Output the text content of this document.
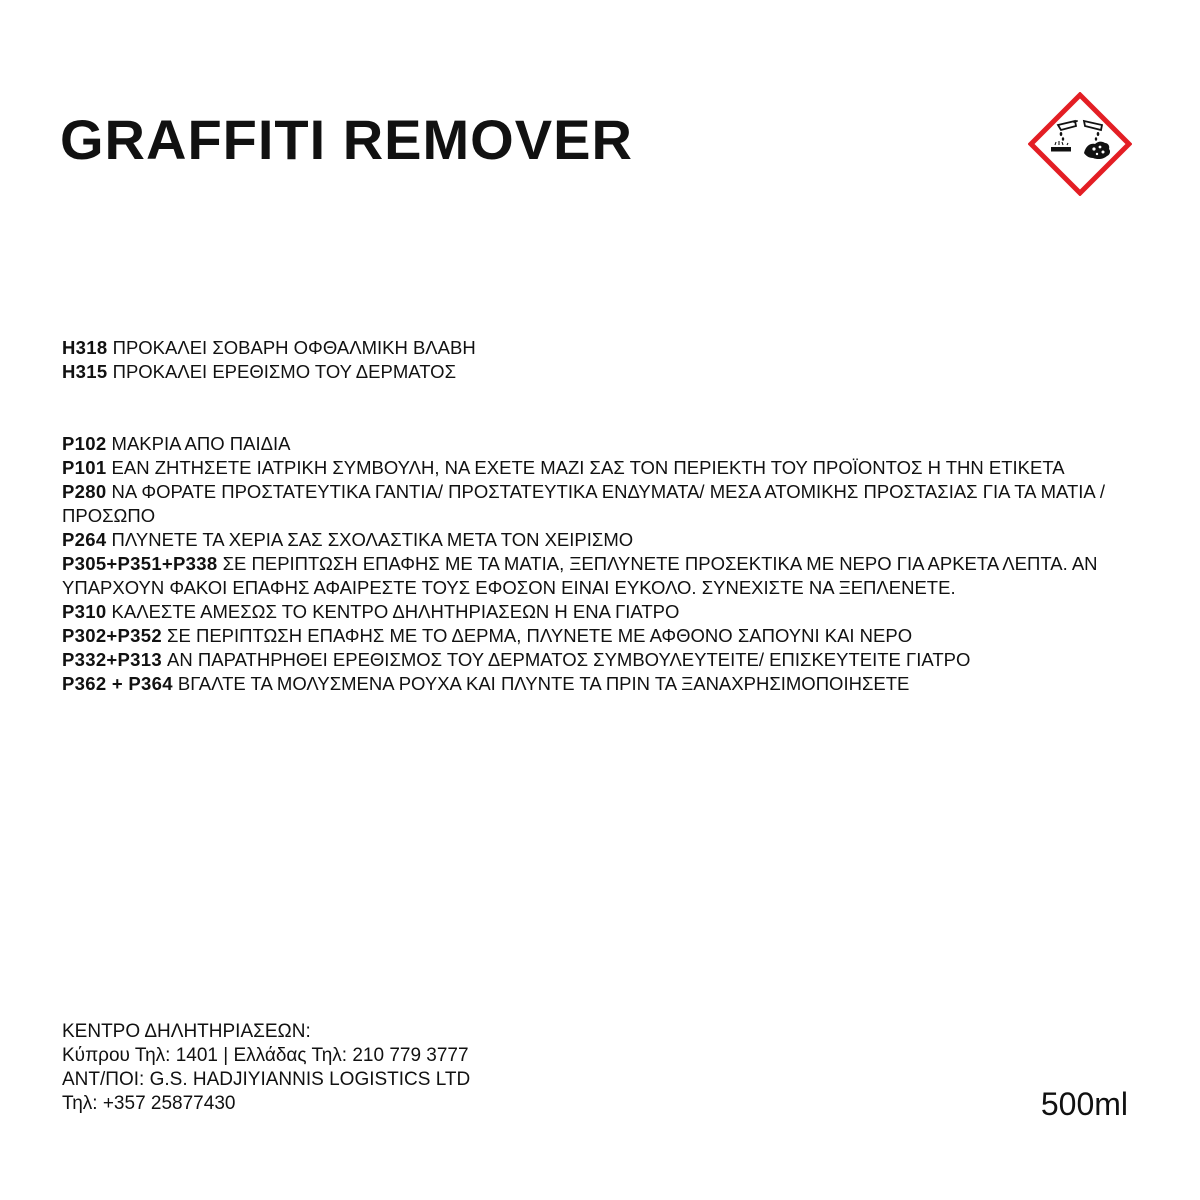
GRAFFITI REMOVER

H318 ΠΡΟΚΑΛΕΙ ΣΟΒΑΡΗ ΟΦΘΑΛΜΙΚΗ ΒΛΑΒΗ

H315 ΠΡΟΚΑΛΕΙ ΕΡΕΘΙΣΜΟ ΤΟΥ ΔΕΡΜΑΤΟΣ

P102 ΜΑΚΡΙΑ ΑΠΟ ΠΑΙΔΙΑ

P101 ΕΑΝ ΖΗΤΗΣΕΤΕ ΙΑΤΡΙΚΗ ΣΥΜΒΟΥΛΗ, ΝΑ ΕΧΕΤΕ ΜΑΖΙ ΣΑΣ ΤΟΝ ΠΕΡΙΕΚΤΗ ΤΟΥ ΠΡΟΪΟΝΤΟΣ Η ΤΗΝ ΕΤΙΚΕΤΑ

P280 ΝΑ ΦΟΡΑΤΕ ΠΡΟΣΤΑΤΕΥΤΙΚΑ ΓΑΝΤΙΑ/ ΠΡΟΣΤΑΤΕΥΤΙΚΑ ΕΝΔΥΜΑΤΑ/ ΜΕΣΑ ΑΤΟΜΙΚΗΣ ΠΡΟΣΤΑΣΙΑΣ ΓΙΑ ΤΑ ΜΑΤΙΑ /ΠΡΟΣΩΠΟ

P264 ΠΛΥΝΕΤΕ ΤΑ ΧΕΡΙΑ ΣΑΣ ΣΧΟΛΑΣΤΙΚΑ ΜΕΤΑ ΤΟΝ ΧΕΙΡΙΣΜΟ

P305+P351+P338 ΣΕ ΠΕΡΙΠΤΩΣΗ ΕΠΑΦΗΣ ΜΕ ΤΑ ΜΑΤΙΑ, ΞΕΠΛΥΝΕΤΕ ΠΡΟΣΕΚΤΙΚΑ ΜΕ ΝΕΡΟ ΓΙΑ ΑΡΚΕΤΑ ΛΕΠΤΑ. ΑΝ ΥΠΑΡΧΟΥΝ ΦΑΚΟΙ ΕΠΑΦΗΣ ΑΦΑΙΡΕΣΤΕ ΤΟΥΣ ΕΦΟΣΟΝ ΕΙΝΑΙ ΕΥΚΟΛΟ. ΣΥΝΕΧΙΣΤΕ ΝΑ ΞΕΠΛΕΝΕΤΕ.

P310 ΚΑΛΕΣΤΕ ΑΜΕΣΩΣ ΤΟ ΚΕΝΤΡΟ ΔΗΛΗΤΗΡΙΑΣΕΩΝ Η ΕΝΑ ΓΙΑΤΡΟ

P302+P352 ΣΕ ΠΕΡΙΠΤΩΣΗ ΕΠΑΦΗΣ ΜΕ ΤΟ ΔΕΡΜΑ, ΠΛΥΝΕΤΕ ΜΕ ΑΦΘΟΝΟ ΣΑΠΟΥΝΙ ΚΑΙ ΝΕΡΟ

P332+P313 ΑΝ ΠΑΡΑΤΗΡΗΘΕΙ ΕΡΕΘΙΣΜΟΣ ΤΟΥ ΔΕΡΜΑΤΟΣ ΣΥΜΒΟΥΛΕΥΤΕΙΤΕ/ ΕΠΙΣΚΕΥΤΕΙΤΕ ΓΙΑΤΡΟ

P362 + P364 ΒΓΑΛΤΕ ΤΑ ΜΟΛΥΣΜΕΝΑ ΡΟΥΧΑ ΚΑΙ ΠΛΥΝΤΕ ΤΑ ΠΡΙΝ ΤΑ ΞΑΝΑΧΡΗΣΙΜΟΠΟΙΗΣΕΤΕ

ΚΕΝΤΡΟ ΔΗΛΗΤΗΡΙΑΣΕΩΝ:

Κύπρου Τηλ: 1401 | Ελλάδας Τηλ: 210 779 3777

ΑΝΤ/ΠΟΙ: G.S. HADJIYIANNIS LOGISTICS LTD

Τηλ: +357 25877430	500ml
